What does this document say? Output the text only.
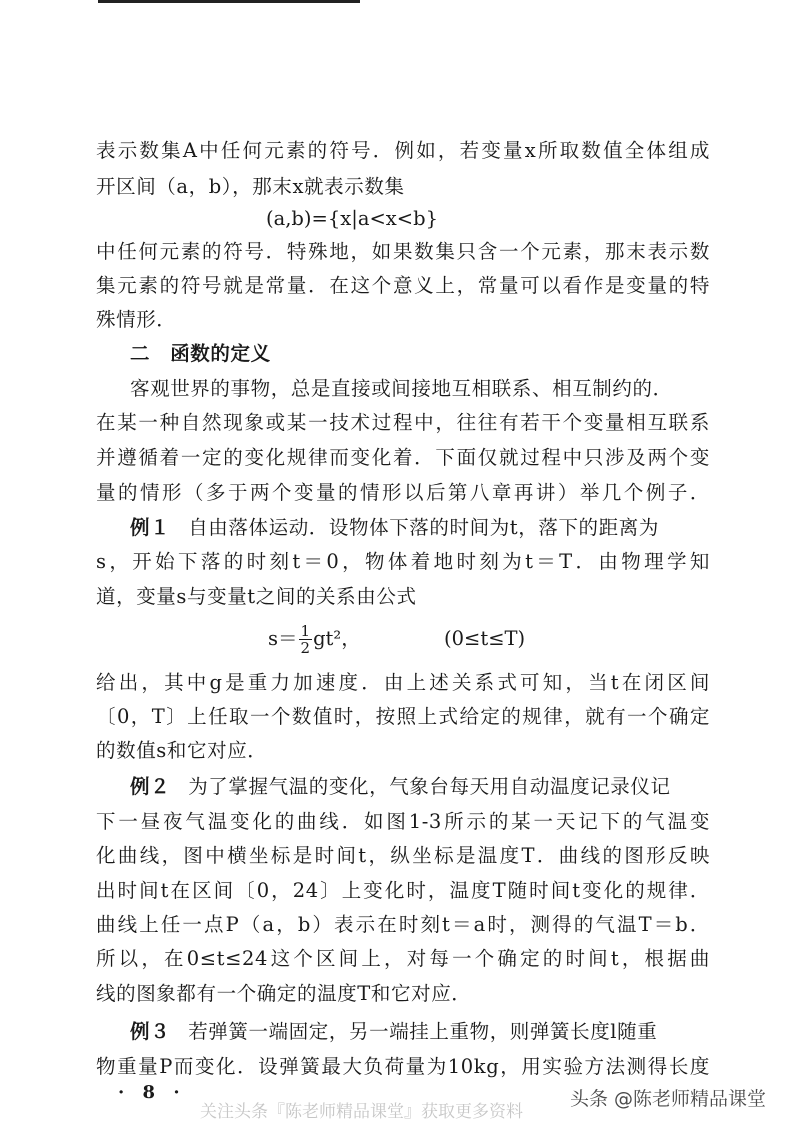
表示数集A中任何元素的符号．例如，若变量x所取数值全体组成
开区间（a，b），那末x就表示数集
(a,b)={x|a<x<b}
中任何元素的符号．特殊地，如果数集只含一个元素，那末表示数
集元素的符号就是常量．在这个意义上，常量可以看作是变量的特
殊情形．
二　函数的定义
客观世界的事物，总是直接或间接地互相联系、相互制约的．
在某一种自然现象或某一技术过程中，往往有若干个变量相互联系
并遵循着一定的变化规律而变化着．下面仅就过程中只涉及两个变
量的情形（多于两个变量的情形以后第八章再讲）举几个例子．
例１ 自由落体运动．设物体下落的时间为t，落下的距离为
s，开始下落的时刻t＝0，物体着地时刻为t＝T．由物理学知
道，变量s与变量t之间的关系由公式
$s= \frac{1}{2} gt^2$，	(0≤t≤T)
给出，其中g是重力加速度．由上述关系式可知，当t在闭区间
〔0，T〕上任取一个数值时，按照上式给定的规律，就有一个确定
的数值s和它对应．
例２ 为了掌握气温的变化，气象台每天用自动温度记录仪记
下一昼夜气温变化的曲线．如图1-3所示的某一天记下的气温变
化曲线，图中横坐标是时间t，纵坐标是温度T．曲线的图形反映
出时间t在区间〔0，24〕上变化时，温度T随时间t变化的规律．
曲线上任一点P（a，b）表示在时刻t＝a时，测得的气温T＝b．
所以，在0≤t≤24这个区间上，对每一个确定的时间t，根据曲
线的图象都有一个确定的温度T和它对应．
例３ 若弹簧一端固定，另一端挂上重物，则弹簧长度l随重
物重量P而变化．设弹簧最大负荷量为10kg，用实验方法测得长度
关注头条『陈老师精品课堂』获取更多资料
头条 @陈老师精品课堂
· 8 ·
